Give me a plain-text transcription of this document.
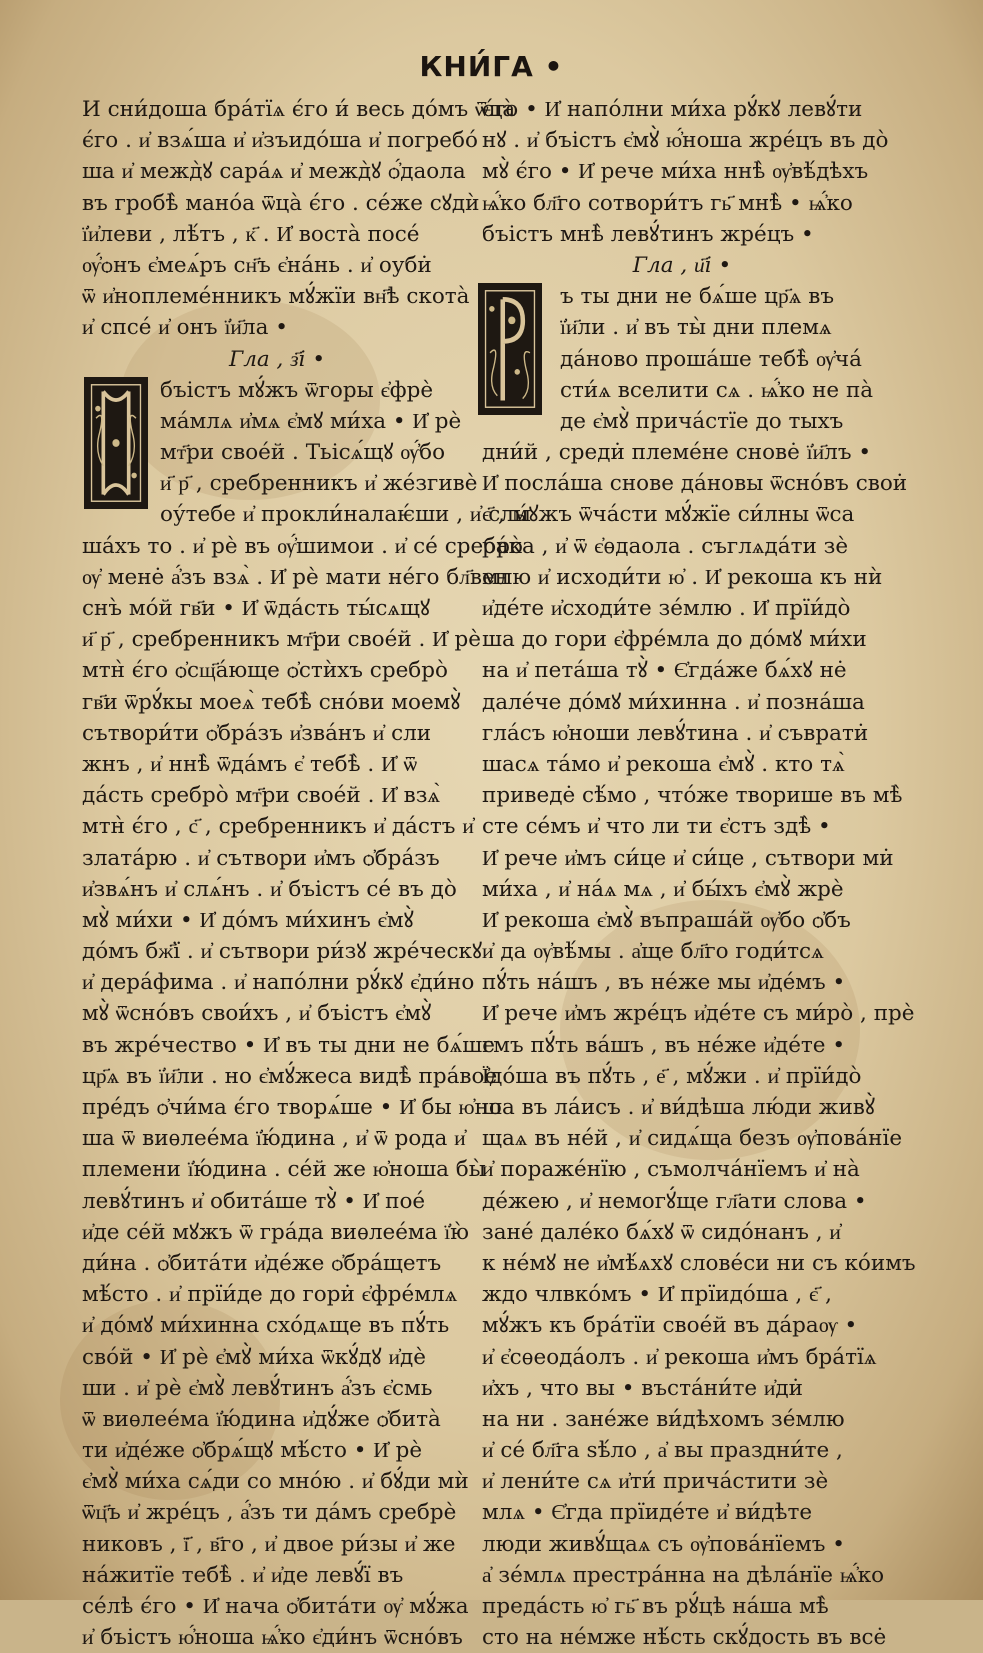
КНИ́ГА •
И сни́доша бра́тїѧ є́го и́ весь до́мъ ѿца̀
є́го . и҆ взѧ́ша и҆ и҆зъидо́ша и҆ погребо́
ша и҆ межд̀ꙋ сара́ѧ и҆ межд̀ꙋ ѻ҆́даола
въ гробѣ̀ мано́а ѿца̀ є́го . се́же сꙋдѝ
ї҆и҆леви , лѣ́тъ , к҃ . И҆ воста̀ посе́
ѹ҆́ѻнъ є҆меѧ́ръ сн҃ъ є҆на́нь . и҆ оуби̇
ѿ и҆ноплеме́нникъ мꙋ́жїи вн҃ѣ скота̀
и҆ спсе́ и҆ онъ ї҆и҃ла •
Гла , з҃і •
бъістъ мꙋ́жъ ѿгоры є҆фрѐ
ма́млѧ и҆мѧ є҆мꙋ ми́ха • И҆ рѐ
мт҃ри свое́й . Тьісѧ́щꙋ ѹ҆́бо
и҃ р҃ , сребренникъ и҆ же́згивѐ
оу́тебе и҆ прокли́налаѥ́ши , и҆ слы́
ша́хъ то . и҆ рѐ въ ѹ҆́шимои . и҆ се́ сребро̀
ѹ҆ мене̇ а҆́зъ взѧ̀ . И҆ рѐ мати не́го бл҃вен
снъ̀ мо́й гв҃и • И҆ ѿда́сть ты́сѧщꙋ
и҃ р҃ , сребренникъ мт҃ри свое́й . И҆ рѐ
мтн̀ є́го ѻ҆сщ҃а́юще ѻ҆стѝхъ сребро̀
гв҃и ѿрꙋ́кы моеѧ̀ тебѣ̀ сно́ви моемꙋ̀
сътвори́ти ѻ҆бра́зъ и҆зва́нъ и҆ сли
жнъ , и҆ ннѣ̀ ѿда́мъ є҆ тебѣ̀ . И҆ ѿ
да́сть сребро̀ мт҃ри свое́й . И҆ взѧ̀
мтн̀ є́го , с҃ , сребренникъ и҆ да́стъ и҆
злата́рю . и҆ сътвори и҆мъ ѻ҆бра́зъ
и҆звѧ́нъ и҆ слѧ́нъ . и҆ бъістъ се́ въ до̀
мꙋ̀ ми́хи • И҆ до́мъ ми́хинъ є҆мꙋ̀
до́мъ бж҃ї . и҆ сътвори ри́зꙋ жре́ческꙋ
и҆ дера́фима . и҆ напо́лни рꙋ́кꙋ є҆ди́но
мꙋ̀ ѿсно́въ свои́хъ , и҆ бъістъ є҆мꙋ̀
въ жре́чество • И҆ въ ты дни не бѧ́ше
цр҃ѧ въ ї҆и҃ли . но є҆мꙋ́жеса видѣ̀ пра́вое
пре́дъ ѻ҆чи́ма є́го творѧ́ше • И҆ бы ю҆но
ша ѿ виѳлее́ма ї҆ю́дина , и҆ ѿ рода и҆
племени ї҆ю́дина . се́й же ю҆ноша бы̀
левꙋ́тинъ и҆ обита́ше тꙋ̀ • И҆ пое́
и҆де се́й мꙋжъ ѿ гра́да виѳлее́ма ї҆ю̀
ди́на . ѻ҆бита́ти и҆де́же ѻ҆бра́щетъ
мѣ́сто . и҆ прїи́де до гори̇ є҆фре́млѧ
и҆ до́мꙋ ми́хинна схо́дѧще въ пꙋ́ть
сво́й • И҆ рѐ є҆мꙋ̀ ми́ха ѿкꙋ́дꙋ и҆дѐ
ши . и҆ рѐ є҆мꙋ̀ левꙋ́тинъ а҆́зъ є҆смь
ѿ виѳлее́ма ї҆ю́дина и҆дꙋ́же ѻ҆бита̀
ти и҆де́же ѻ҆брѧ́щꙋ мѣ́сто • И҆ рѐ
є҆мꙋ̀ ми́ха сѧ́ди со мно́ю . и҆ бꙋ́ди мѝ
ѿц҃ъ и҆ жре́цъ , а҆́зъ ти да́мъ сребрѐ
никовъ , ї҃ , в҃го , и҆ двое ри́зы и҆ же
на́житїе тебѣ̀ . и҆ и҆де левꙋ́ї въ
се́лѣ є́го • И҆ нача ѻ҆бита́ти ѹ҆ мꙋ́жа
и҆ бъістъ ю҆́ноша ѩ҆́ко є҆ди́нъ ѿсно́въ
є́го • И҆ напо́лни ми́ха рꙋ́кꙋ левꙋ́ти
нꙋ . и҆ бъістъ є҆мꙋ̀ ю҆́ноша жре́цъ въ до̀
мꙋ̀ є́го • И҆ рече ми́ха ннѣ̀ ѹ҆вѣ́дѣхъ
ѩ҆́ко бл҃го сотвори́тъ гь҃ мнѣ̀ • ѩ҆́ко
бъістъ мнѣ̀ левꙋ́тинъ жре́цъ •
Гла , и҃і •
ъ ты дни не бѧ́ше цр҃ѧ въ
ї҆и҃ли . и҆ въ ты̀ дни племѧ
да́ново проша́ше тебѣ̀ ѹ҆ча́
сти́ѧ вселити сѧ . ѩ҆́ко не па̀
де є҆мꙋ̀ прича́стїе до тыхъ
дни́й , среди̇ племе́не снове̇ ї҆и҃лъ •
И҆ посла́ша снове да́новы ѿсно́въ свои̇
є҃ , мꙋжъ ѿча́сти мꙋ́жїе си́лны ѿса
ра́ка , и҆ ѿ є҆ѳдаола . съглѧда́ти зѐ
млю и҆ исходи́ти ю҆ . И҆ рекоша къ нѝ
и҆де́те и҆сходи́те зе́млю . И҆ прїи́до̀
ша до гори є҆фре́мла до до́мꙋ ми́хи
на и҆ пета́ша тꙋ̀ • Є҆гда́же бѧ́хꙋ не̇
дале́че до́мꙋ ми́хинна . и҆ позна́ша
гла́съ ю҆ноши левꙋ́тина . и҆ съврати̇
шасѧ та́мо и҆ рекоша є҆мꙋ̀ . кто тѧ̀
приведе̇ сѣ́мо , что́же творише въ мѣ̀
сте се́мъ и҆ что ли ти є҆стъ здѣ̀ •
И҆ рече и҆мъ си́це и҆ си́це , сътвори ми̇
ми́ха , и҆ на́ѧ мѧ , и҆ бы́хъ є҆мꙋ̀ жрѐ
И҆ рекоша є҆мꙋ̀ въпраша́й ѹ҆бо ѻ҆бъ
и҆ да ѹ҆вѣ́мы . а҆ще бл҃го годи́тсѧ
пꙋ́ть на́шъ , въ не́же мы и҆де́мъ •
И҆ рече и҆мъ жре́цъ и҆де́те съ ми́ро̀ , прѐ
гмъ пꙋ́ть ва́шъ , въ не́же и҆де́те •
Ї҆до́ша въ пꙋ́ть , е҃ , мꙋ́жи . и҆ прїи́до̀
ша въ ла́исъ . и҆ ви́дѣша лю́ди живꙋ̀
щаѧ въ не́й , и҆ сидѧ́ща безъ ѹ҆пова́нїе
и҆ пораже́нїю , съмолча́нїемъ и҆ на̀
де́жею , и҆ немогꙋ́ще гл҃ати слова •
зане́ дале́ко бѧ́хꙋ ѿ сидо́нанъ , и҆
к не́мꙋ не и҆мѣ́ѧхꙋ слове́си ни съ ко́имъ
ждо члвко́мъ • И҆ прїидо́ша , є҃ ,
мꙋ́жъ къ бра́тїи свое́й въ да́раѹ •
и҆ є҆сѳеода́олъ . и҆ рекоша и҆мъ бра́тїѧ
и҆хъ , что вы • въста́ни́те и҆ди̇
на ни . зане́же ви́дѣхомъ зе́млю
и҆ се́ бл҃га ѕѣ́ло , а҆ вы праздни́те ,
и҆ лени́те сѧ и҆ти́ прича́стити зѐ
млѧ • Є҆гда прїиде́те и҆ ви́дѣте
люди живꙋ́щаѧ съ ѹ҆пова́нїемъ •
а҆ зе́млѧ престра́нна на дѣла́нїе ѩ҆́ко
преда́сть ю҆ гь҃ въ рꙋ́цѣ на́ша мѣ̀
сто на не́мже нѣ́сть скꙋ́дость въ все̇
